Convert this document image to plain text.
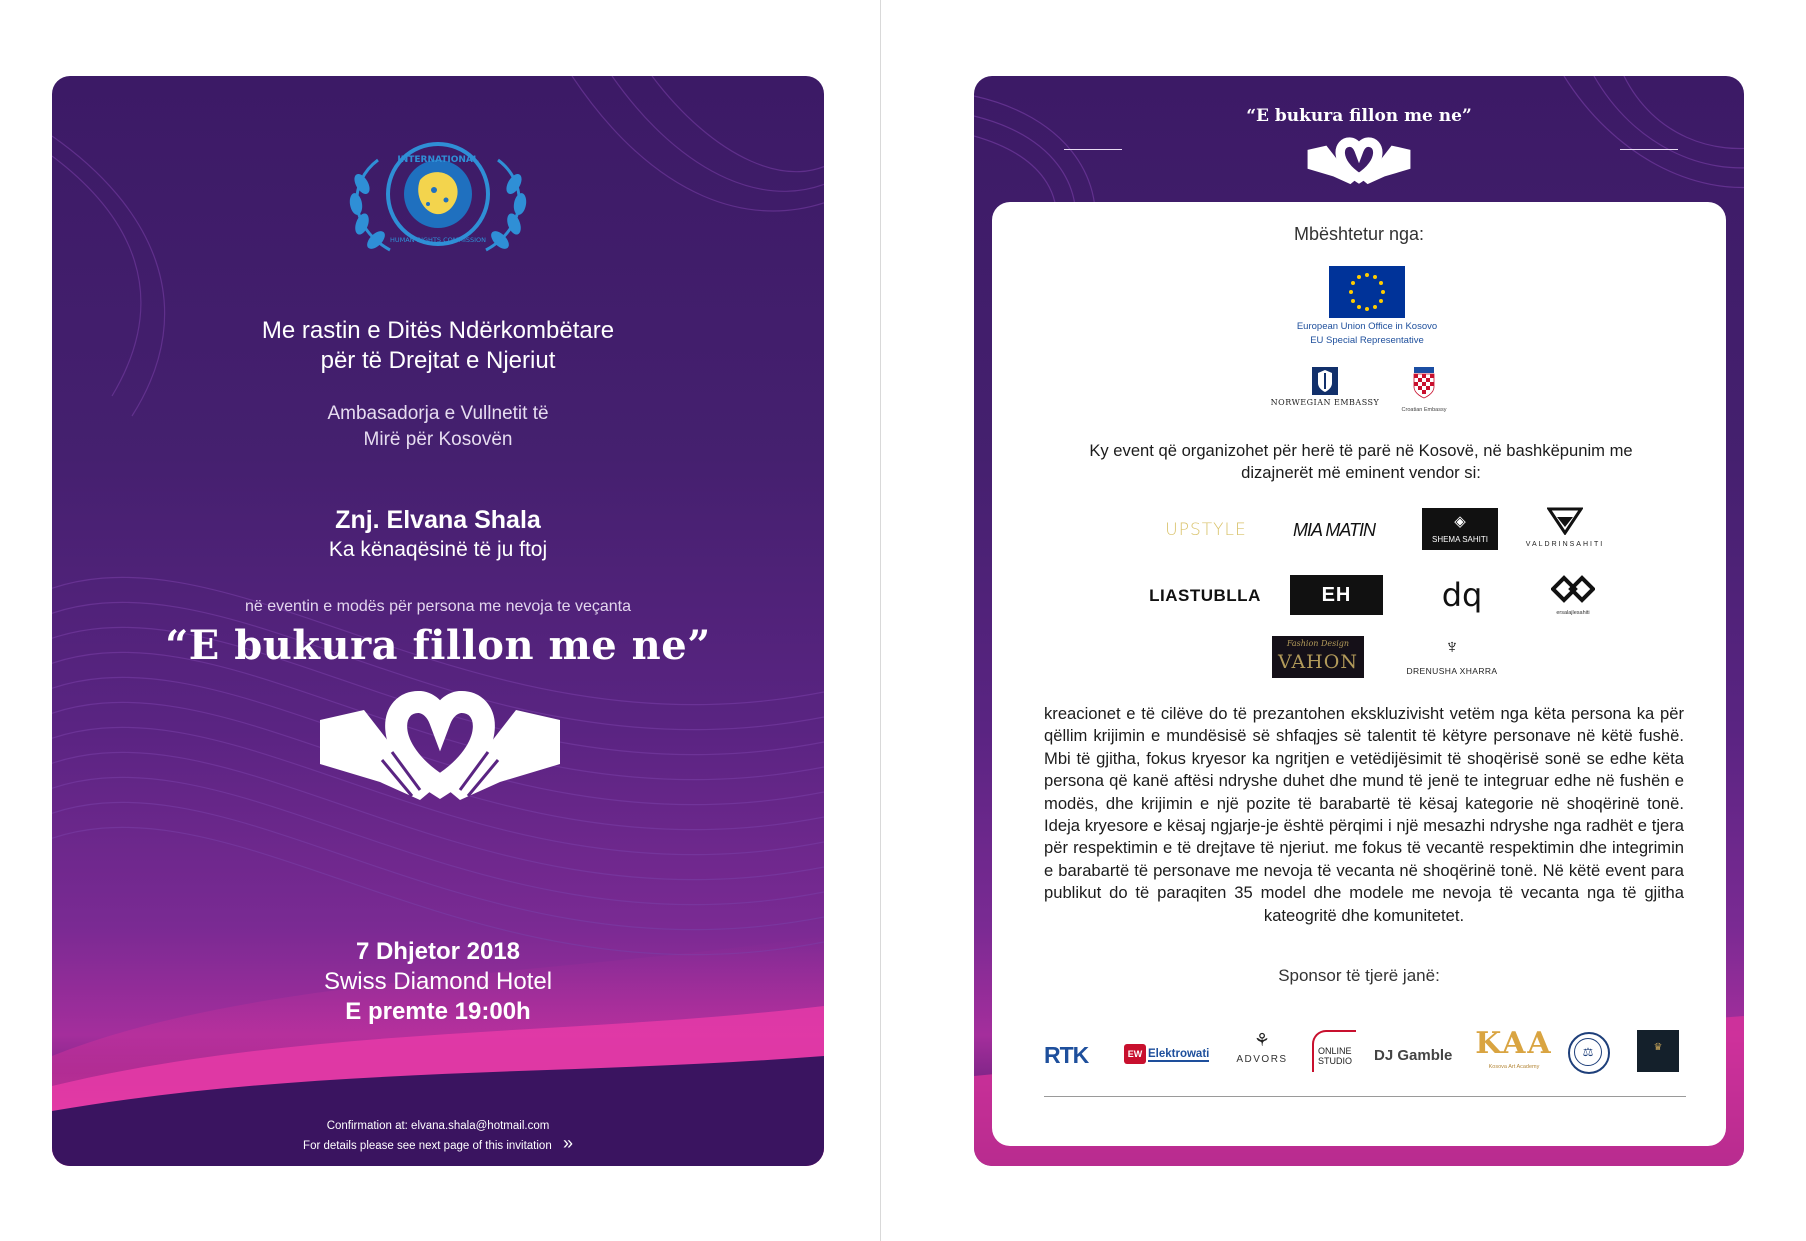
INTERNATIONAL
HUMAN RIGHTS COMMISSION
Me rastin e Ditës Ndërkombëtare
për të Drejtat e Njeriut
Ambasadorja e Vullnetit të
Mirë për Kosovën
Znj. Elvana Shala
Ka kënaqësinë të ju ftoj
në eventin e modës për persona me nevoja te veçanta
“E bukura fillon me ne”
7 Dhjetor 2018
Swiss Diamond Hotel
E premte 19:00h
Confirmation at: elvana.shala@hotmail.com
For details please see next page of this invitation »
“E bukura fillon me ne”
Mbështetur nga:
European Union Office in Kosovo
EU Special Representative
NORWEGIAN EMBASSY
Croatian Embassy
Ky event që organizohet për herë të parë në Kosovë, në bashkëpunim me dizajnerët më eminent vendor si:
UPSTYLE	MIA MATIN	◈
SHEMA SAHITI
VALDRINSAHITI
LIASTUBLLA	EH	dq	ersalajlesahiti
Fashion Design
VAHON
♆
DRENUSHA XHARRA
kreacionet e të cilëve do të prezantohen ekskluzivisht vetëm nga këta persona ka për qëllim krijimin e mundësisë së shfaqjes së talentit të këtyre personave në këtë fushë. Mbi të gjitha, fokus kryesor ka ngritjen e vetëdijësimit të shoqërisë sonë se edhe këta persona që kanë aftësi ndryshe duhet dhe mund të jenë te integruar edhe në fushën e modës, dhe krijimin e një pozite të barabartë të kësaj kategorie në shoqërinë tonë. Ideja kryesore e kësaj ngjarje-je është përqimi i një mesazhi ndryshe nga radhët e tjera për respektimin e të drejtave të njeriut. me fokus të vecantë respektimin dhe integrimin e barabartë të personave me nevoja të vecanta në shoqërinë tonë. Në këtë event para publikut do të paraqiten 35 model dhe modele me nevoja të vecanta nga të gjitha kateogritë dhe komunitetet.
Sponsor të tjerë janë:
RTK	EW Elektrowati
⚘
ADVORS
ONLINE STUDIO	DJ Gamble KAA
Kosova Art Academy
⚖	♛
